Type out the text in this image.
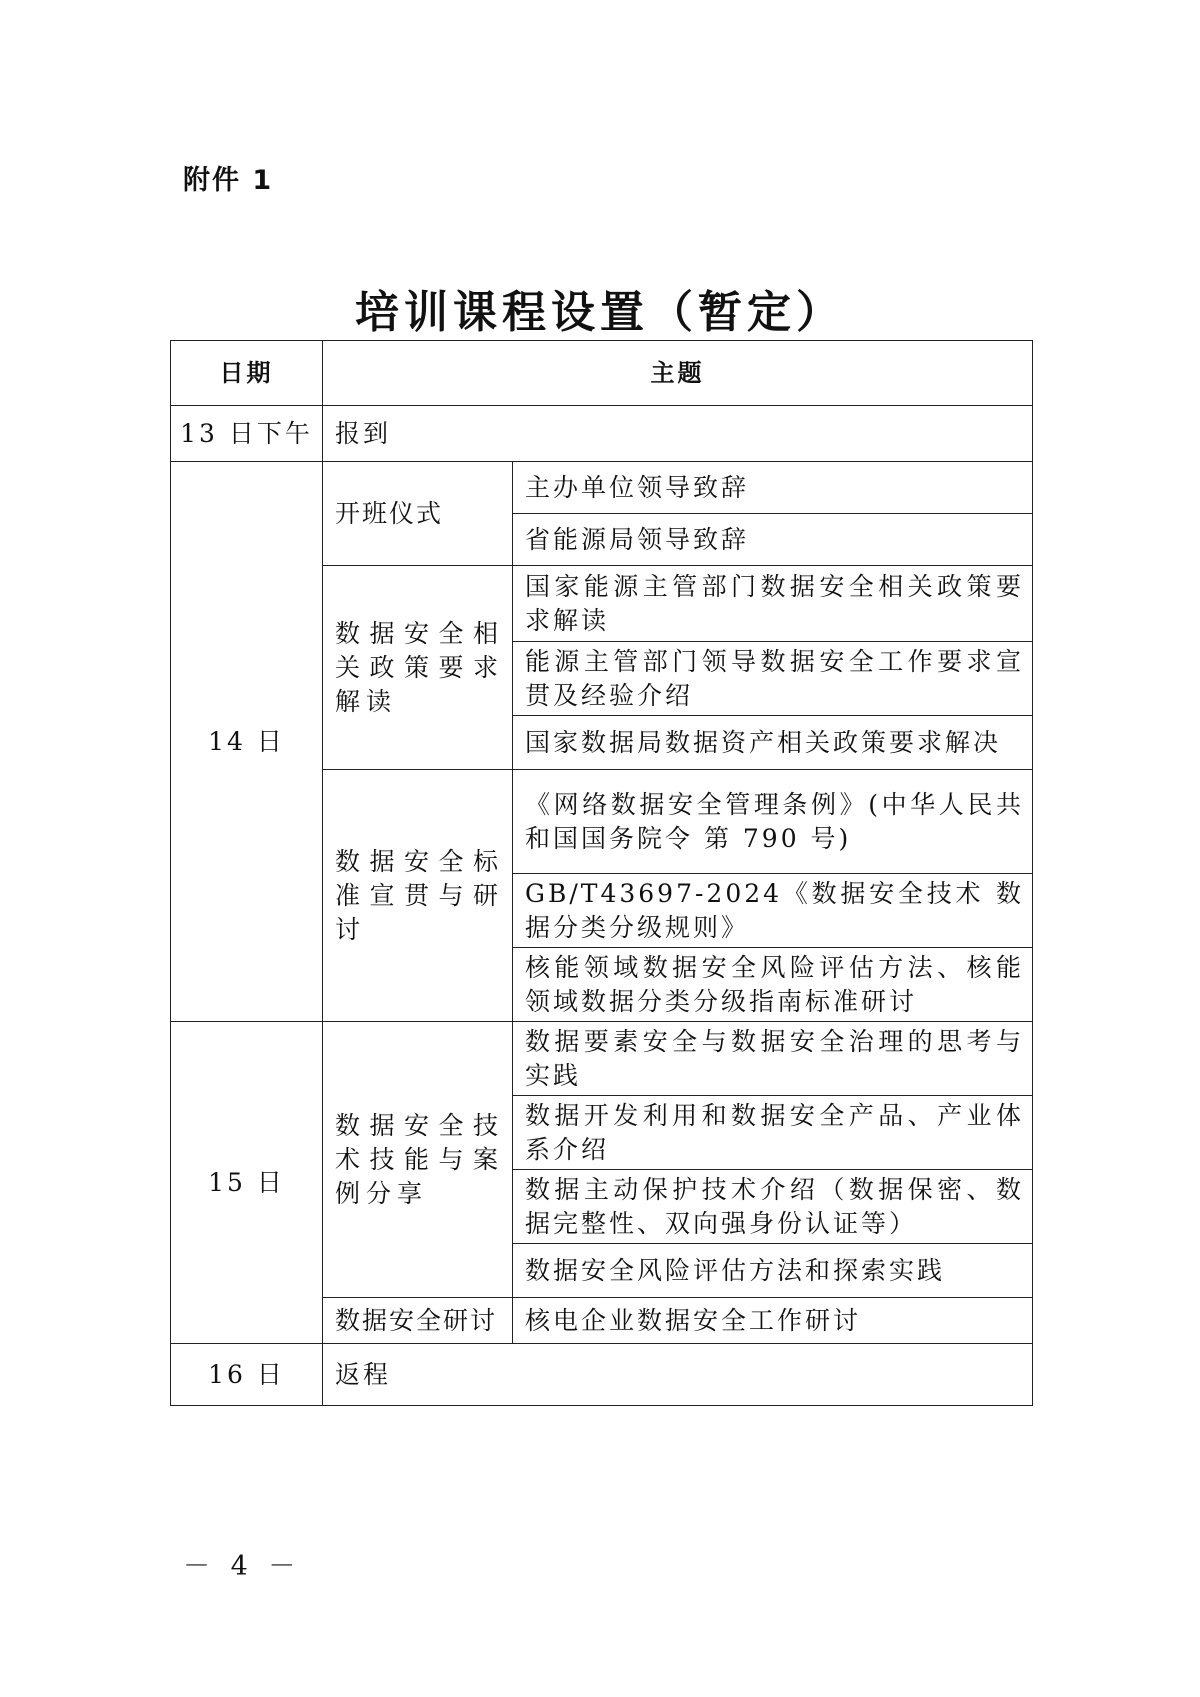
附件 1
培训课程设置（暂定）
日期	主题	
13 日下午	报到	
14 日	开班仪式	主办单位领导致辞
		省能源局领导致辞
	数据安全相关政策要求解读	国家能源主管部门数据安全相关政策要求解读
		能源主管部门领导数据安全工作要求宣贯及经验介绍
		国家数据局数据资产相关政策要求解决
	数据安全标准宣贯与研讨	《网络数据安全管理条例》(中华人民共和国国务院令 第 790 号)
		GB/T43697-2024《数据安全技术 数据分类分级规则》
		核能领域数据安全风险评估方法、核能领域数据分类分级指南标准研讨
15 日	数据安全技术技能与案例分享	数据要素安全与数据安全治理的思考与实践
		数据开发利用和数据安全产品、产业体系介绍
		数据主动保护技术介绍（数据保密、数据完整性、双向强身份认证等）
		数据安全风险评估方法和探索实践
	数据安全研讨	核电企业数据安全工作研讨
16 日	返程	
－ 4 －
